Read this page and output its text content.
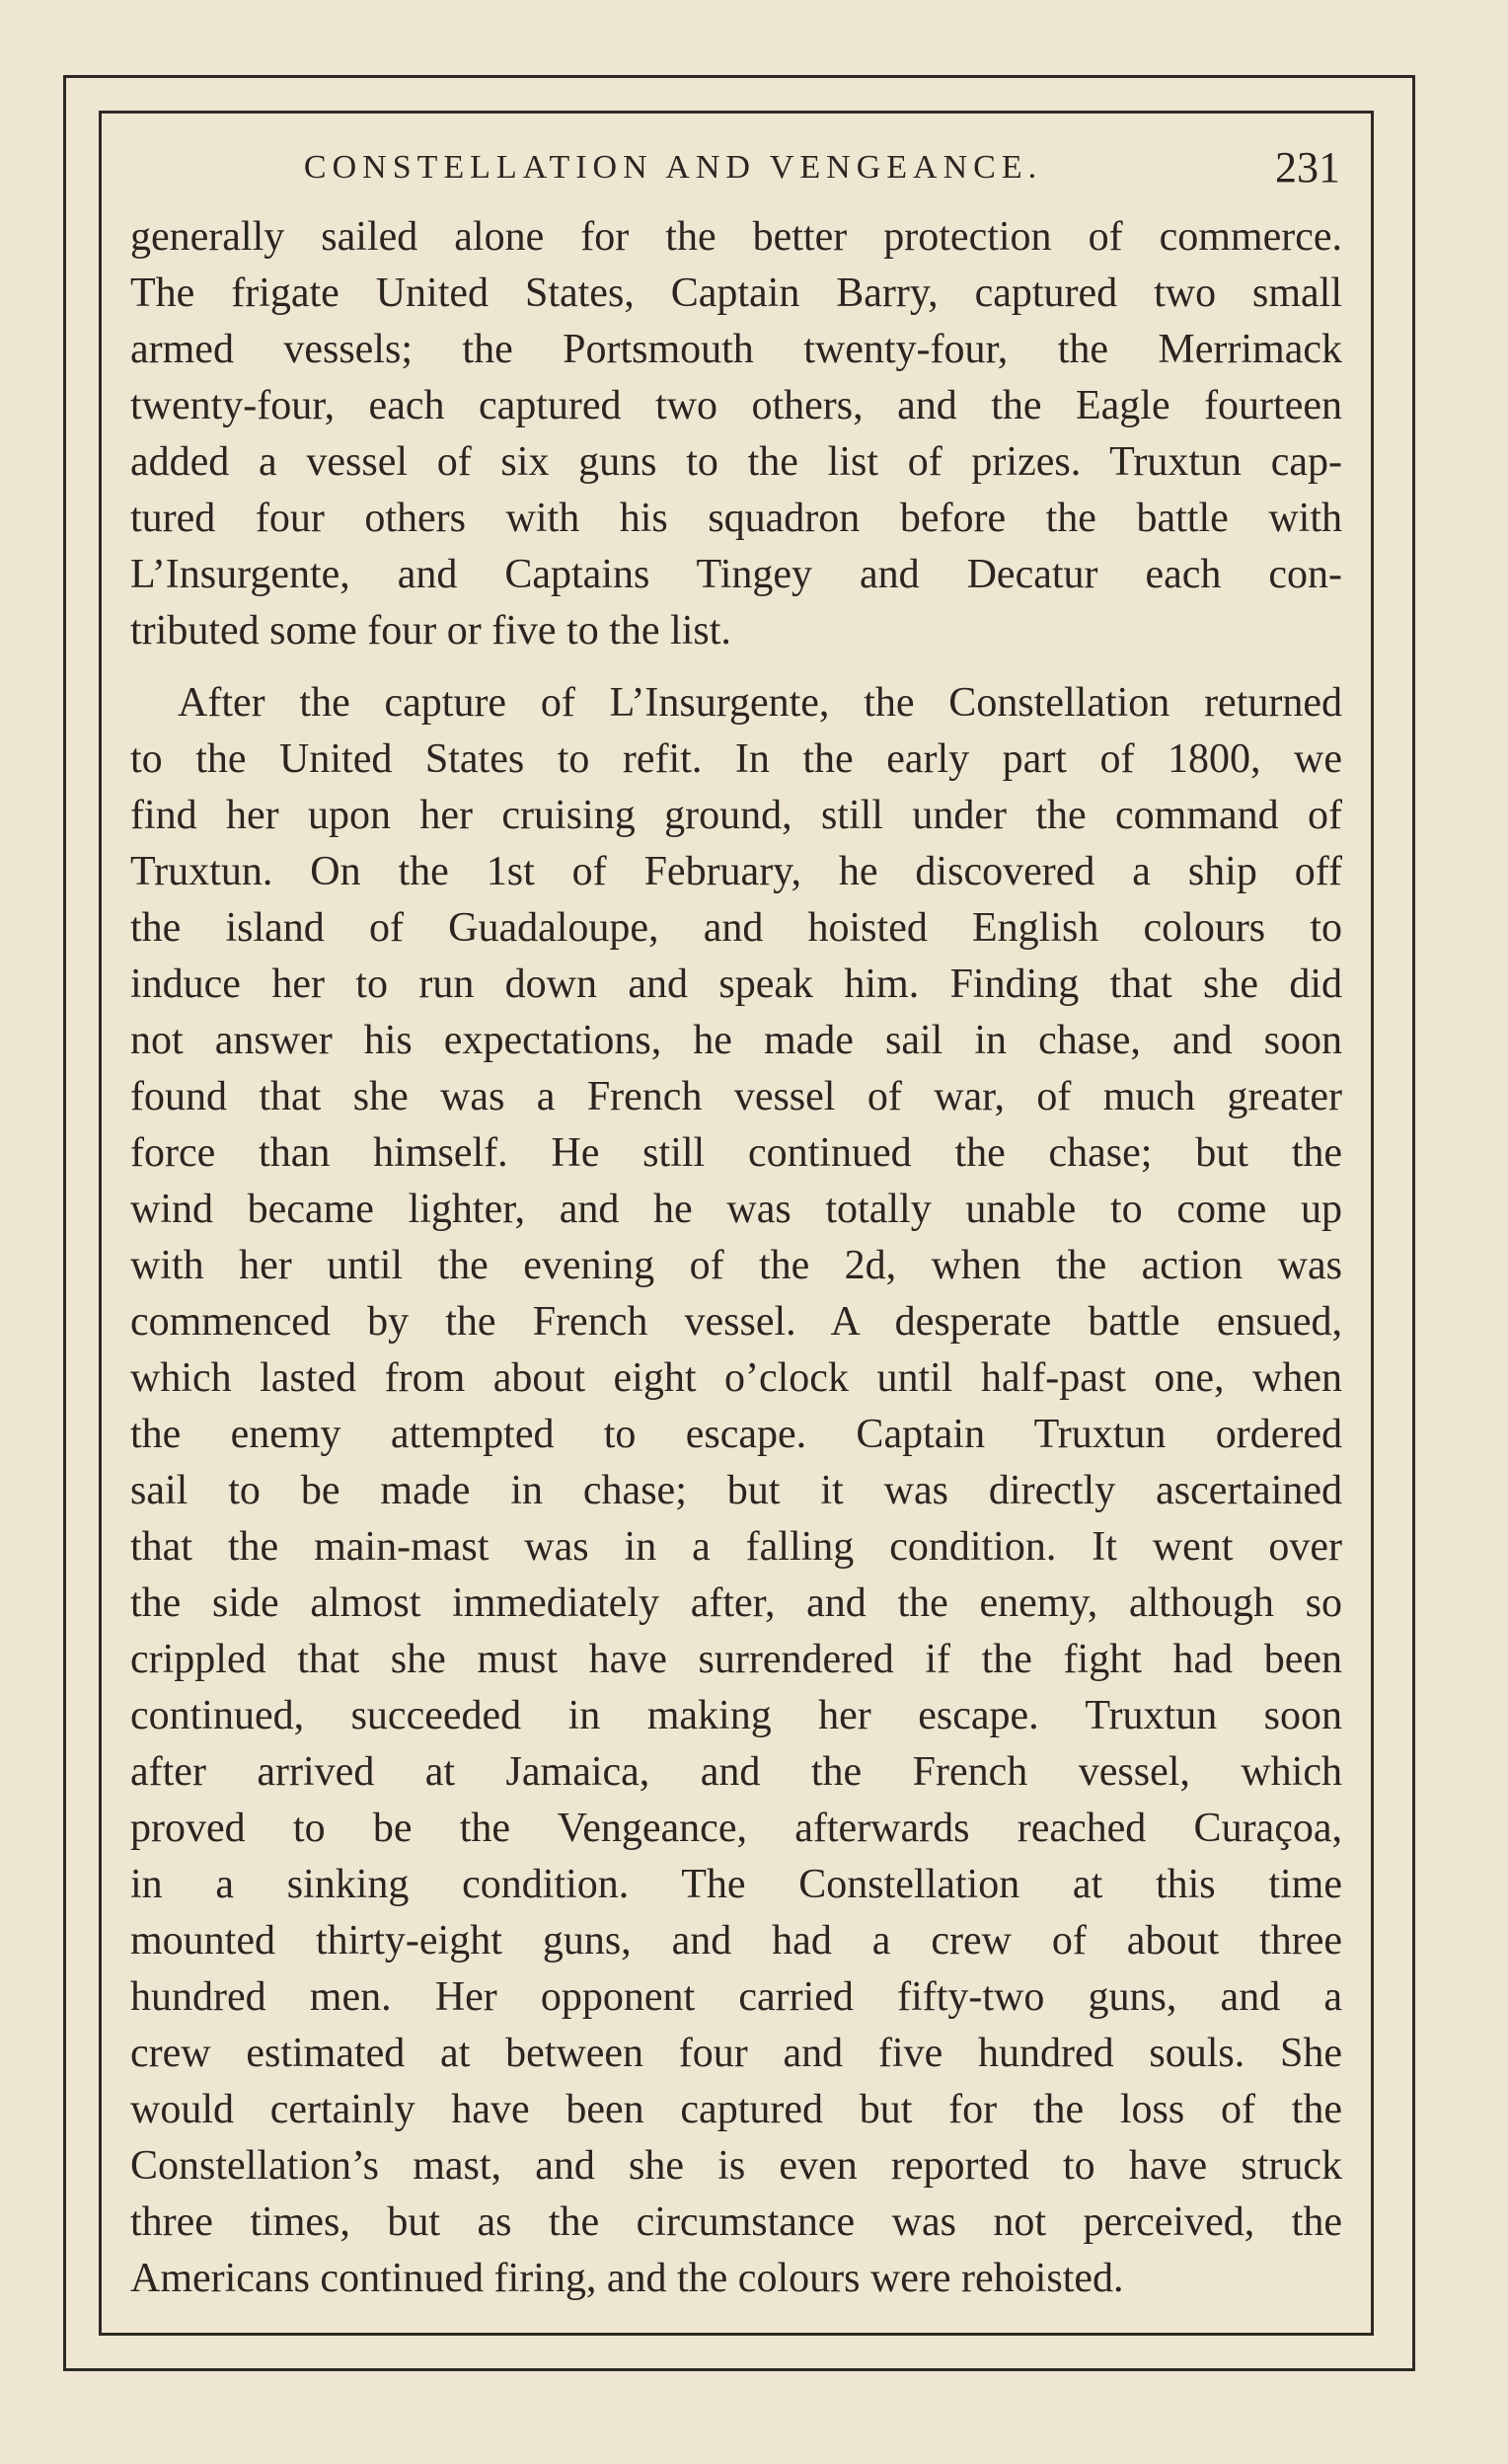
CONSTELLATION AND VENGEANCE.	231
generally sailed alone for the better protection of commerce.
The frigate United States, Captain Barry, captured two small
armed vessels; the Portsmouth twenty-four, the Merrimack
twenty-four, each captured two others, and the Eagle fourteen
added a vessel of six guns to the list of prizes. Truxtun cap-
tured four others with his squadron before the battle with
L’Insurgente, and Captains Tingey and Decatur each con-
tributed some four or five to the list.
After the capture of L’Insurgente, the Constellation returned
to the United States to refit. In the early part of 1800, we
find her upon her cruising ground, still under the command of
Truxtun. On the 1st of February, he discovered a ship off
the island of Guadaloupe, and hoisted English colours to
induce her to run down and speak him. Finding that she did
not answer his expectations, he made sail in chase, and soon
found that she was a French vessel of war, of much greater
force than himself. He still continued the chase; but the
wind became lighter, and he was totally unable to come up
with her until the evening of the 2d, when the action was
commenced by the French vessel. A desperate battle ensued,
which lasted from about eight o’clock until half-past one, when
the enemy attempted to escape. Captain Truxtun ordered
sail to be made in chase; but it was directly ascertained
that the main-mast was in a falling condition. It went over
the side almost immediately after, and the enemy, although so
crippled that she must have surrendered if the fight had been
continued, succeeded in making her escape. Truxtun soon
after arrived at Jamaica, and the French vessel, which
proved to be the Vengeance, afterwards reached Curaçoa,
in a sinking condition. The Constellation at this time
mounted thirty-eight guns, and had a crew of about three
hundred men. Her opponent carried fifty-two guns, and a
crew estimated at between four and five hundred souls. She
would certainly have been captured but for the loss of the
Constellation’s mast, and she is even reported to have struck
three times, but as the circumstance was not perceived, the
Americans continued firing, and the colours were rehoisted.
